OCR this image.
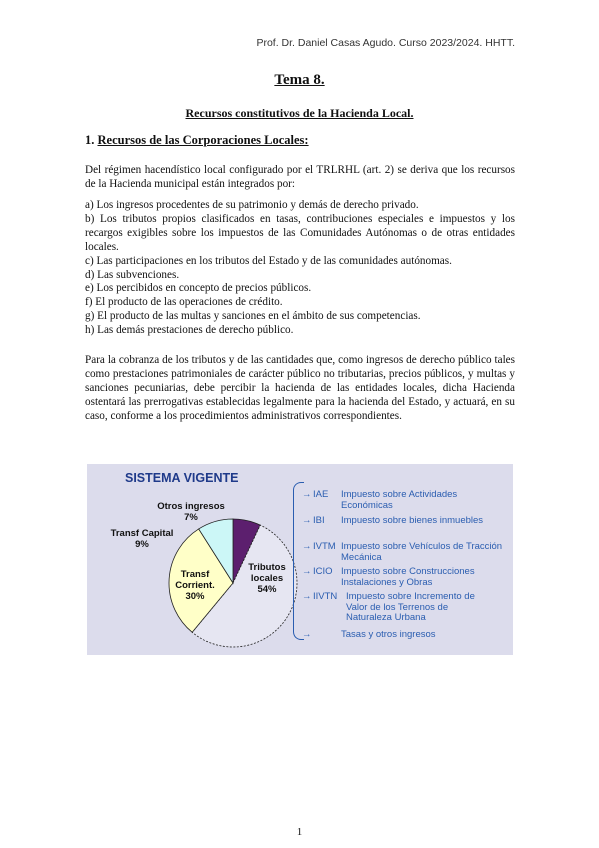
Prof. Dr. Daniel Casas Agudo. Curso 2023/2024. HHTT.
Tema 8.
Recursos constitutivos de la Hacienda Local.
1. Recursos de las Corporaciones Locales:
Del régimen hacendístico local configurado por el TRLRHL (art. 2) se deriva que los recursos de la Hacienda municipal están integrados por:
a) Los ingresos procedentes de su patrimonio y demás de derecho privado.
b) Los tributos propios clasificados en tasas, contribuciones especiales e impuestos y los recargos exigibles sobre los impuestos de las Comunidades Autónomas o de otras entidades locales.
c) Las participaciones en los tributos del Estado y de las comunidades autónomas.
d) Las subvenciones.
e) Los percibidos en concepto de precios públicos.
f) El producto de las operaciones de crédito.
g) El producto de las multas y sanciones en el ámbito de sus competencias.
h) Las demás prestaciones de derecho público.
Para la cobranza de los tributos y de las cantidades que, como ingresos de derecho público tales como prestaciones patrimoniales de carácter público no tributarias, precios públicos, y multas y sanciones pecuniarias, debe percibir la hacienda de las entidades locales, dicha Hacienda ostentará las prerrogativas establecidas legalmente para la hacienda del Estado, y actuará, en su caso, conforme a los procedimientos administrativos correspondientes.
SISTEMA VIGENTE
Otros ingresos
7%
Tributos
locales
54%
Transf
Corrient.
30%
Transf Capital
9%
→ IAE	Impuesto sobre Actividades Económicas
→ IBI	Impuesto sobre bienes inmuebles
→ IVTM Impuesto sobre Vehículos de Tracción Mecánica
→ ICIO Impuesto sobre Construcciones Instalaciones y Obras
→ IIVTN Impuesto sobre Incremento de Valor de los Terrenos de Naturaleza Urbana
→	Tasas y otros ingresos
1
